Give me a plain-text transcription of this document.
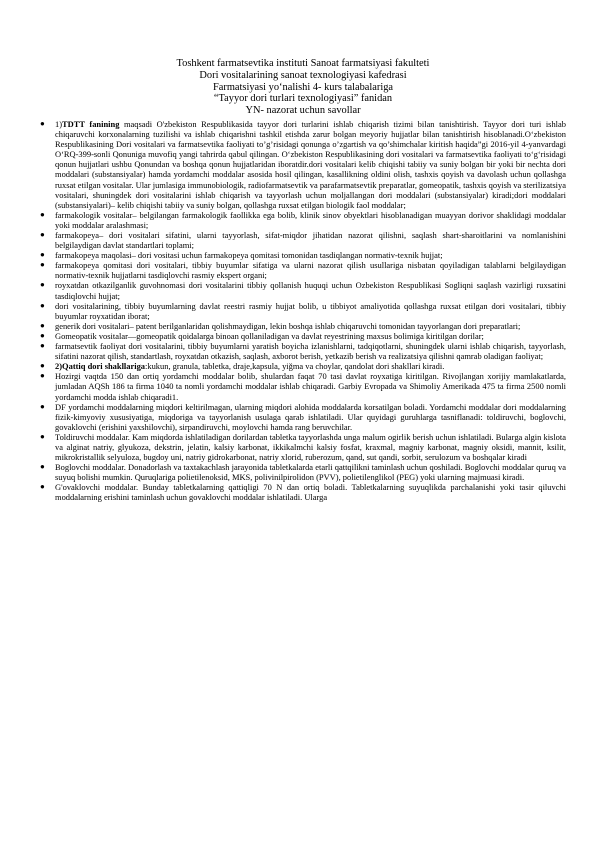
Toshkent farmatsevtika instituti Sanoat farmatsiyasi fakulteti
Dori vositalarining sanoat texnologiyasi kafedrasi
Farmatsiyasi yo‘nalishi 4- kurs talabalariga
“Tayyor dori turlari texnologiyasi” fanidan
YN- nazorat uchun savollar
● 1)TDTT fanining maqsadi O'zbekiston Respublikasida tayyor dori turlarini ishlab chiqarish tizimi bilan tanishtirish. Tayyor dori turi ishlab chiqaruvchi korxonalarning tuzilishi va ishlab chiqarishni tashkil etishda zarur bolgan meyoriy hujjatlar bilan tanishtirish hisoblanadi.O‘zbekiston Respublikasining Dori vositalari va farmatsevtika faoliyati to’g’risidagi qonunga o’zgartish va qo’shimchalar kiritish haqida”gi 2016-yil 4-yanvardagi O‘RQ-399-sonli Qonuniga muvofiq yangi tahrirda qabul qilingan. O‘zbekiston Respublikasining dori vositalari va farmatsevtika faoliyati to‘g‘risidagi qonun hujjatlari ushbu Qonundan va boshqa qonun hujjatlaridan iboratdir.dori vositalari kelib chiqishi tabiiy va suniy bolgan bir yoki bir nechta dori moddalari (substansiyalar) hamda yordamchi moddalar asosida hosil qilingan, kasallikning oldini olish, tashxis qoyish va davolash uchun qollashga ruxsat etilgan vositalar. Ular jumlasiga immunobiologik, radiofarmatsevtik va parafarmatsevtik preparatlar, gomeopatik, tashxis qoyish va sterilizatsiya vositalari, shuningdek dori vositalarini ishlab chiqarish va tayyorlash uchun moljallangan dori moddalari (substansiyalar) kiradi;dori moddalari (substansiyalari)– kelib chiqishi tabiiy va suniy bolgan, qollashga ruxsat etilgan biologik faol moddalar;
● farmakologik vositalar– belgilangan farmakologik faollikka ega bolib, klinik sinov obyektlari hisoblanadigan muayyan dorivor shaklidagi moddalar yoki moddalar aralashmasi;
● farmakopeya– dori vositalari sifatini, ularni tayyorlash, sifat-miqdor jihatidan nazorat qilishni, saqlash shart-sharoitlarini va nomlanishini belgilaydigan davlat standartlari toplami;
● farmakopeya maqolasi– dori vositasi uchun farmakopeya qomitasi tomonidan tasdiqlangan normativ-texnik hujjat;
● farmakopeya qomitasi dori vositalari, tibbiy buyumlar sifatiga va ularni nazorat qilish usullariga nisbatan qoyiladigan talablarni belgilaydigan normativ-texnik hujjatlarni tasdiqlovchi rasmiy ekspert organi;
● royxatdan otkazilganlik guvohnomasi dori vositalarini tibbiy qollanish huquqi uchun Ozbekiston Respublikasi Sogliqni saqlash vazirligi ruxsatini tasdiqlovchi hujjat;
● dori vositalarining, tibbiy buyumlarning davlat reestri rasmiy hujjat bolib, u tibbiyot amaliyotida qollashga ruxsat etilgan dori vositalari, tibbiy buyumlar royxatidan iborat;
● generik dori vositalari– patent berilganlaridan qolishmaydigan, lekin boshqa ishlab chiqaruvchi tomonidan tayyorlangan dori preparatlari;
● Gomeopatik vositalar—gomeopatik qoidalarga binoan qollaniladigan va davlat reyestrining maxsus bolimiga kiritilgan dorilar;
● farmatsevtik faoliyat dori vositalarini, tibbiy buyumlarni yaratish boyicha izlanishlarni, tadqiqotlarni, shuningdek ularni ishlab chiqarish, tayyorlash, sifatini nazorat qilish, standartlash, royxatdan otkazish, saqlash, axborot berish, yetkazib berish va realizatsiya qilishni qamrab oladigan faoliyat;
● 2)Qattiq dori shakllariga:kukun, granula, tabletka, draje,kapsula, yiğma va choylar, qandolat dori shakllari kiradi.
● Hozirgi vaqtda 150 dan ortiq yordamchi moddalar bolib, shulardan faqat 70 tasi davlat royxatiga kiritilgan. Rivojlangan xorijiy mamlakatlarda, jumladan AQSh 186 ta firma 1040 ta nomli yordamchi moddalar ishlab chiqaradi. Garbiy Evropada va Shimoliy Amerikada 475 ta firma 2500 nomli yordamchi modda ishlab chiqaradi1.
● DF yordamchi moddalarning miqdori keltirilmagan, ularning miqdori alohida moddalarda korsatilgan boladi. Yordamchi moddalar dori moddalarning fizik-kimyoviy xususiyatiga, miqdoriga va tayyorlanish usulaga qarab ishlatiladi. Ular quyidagi guruhlarga tasniflanadi: toldiruvchi, boglovchi, govaklovchi (erishini yaxshilovchi), sirpandiruvchi, moylovchi hamda rang beruvchilar.
● Toldiruvchi moddalar. Kam miqdorda ishlatiladigan dorilardan tabletka tayyorlashda unga malum ogirlik berish uchun ishlatiladi. Bularga algin kislota va alginat natriy, glyukoza, dekstrin, jelatin, kalsiy karbonat, ikkikalmchi kalsiy fosfat, kraxmal, magniy karbonat, magniy oksidi, mannit, ksilit, mikrokristallik selyuloza, bugdoy uni, natriy gidrokarbonat, natriy xlorid, ruberozum, qand, sut qandi, sorbit, serulozum va boshqalar kiradi
● Boglovchi moddalar. Donadorlash va taxtakachlash jarayonida tabletkalarda etarli qattqilikni taminlash uchun qoshiladi. Boglovchi moddalar quruq va suyuq bolishi mumkin. Quruqlariga polietilenoksid, MKS, polivinilpirolidon (PVV), polietilenglikol (PEG) yoki ularning majmuasi kiradi.
● G'ovaklovchi moddalar. Bunday tabletkalarning qattiqligi 70 N dan ortiq boladi. Tabletkalarning suyuqlikda parchalanishi yoki tasir qiluvchi moddalarning erishini taminlash uchun govaklovchi moddalar ishlatiladi. Ularga
